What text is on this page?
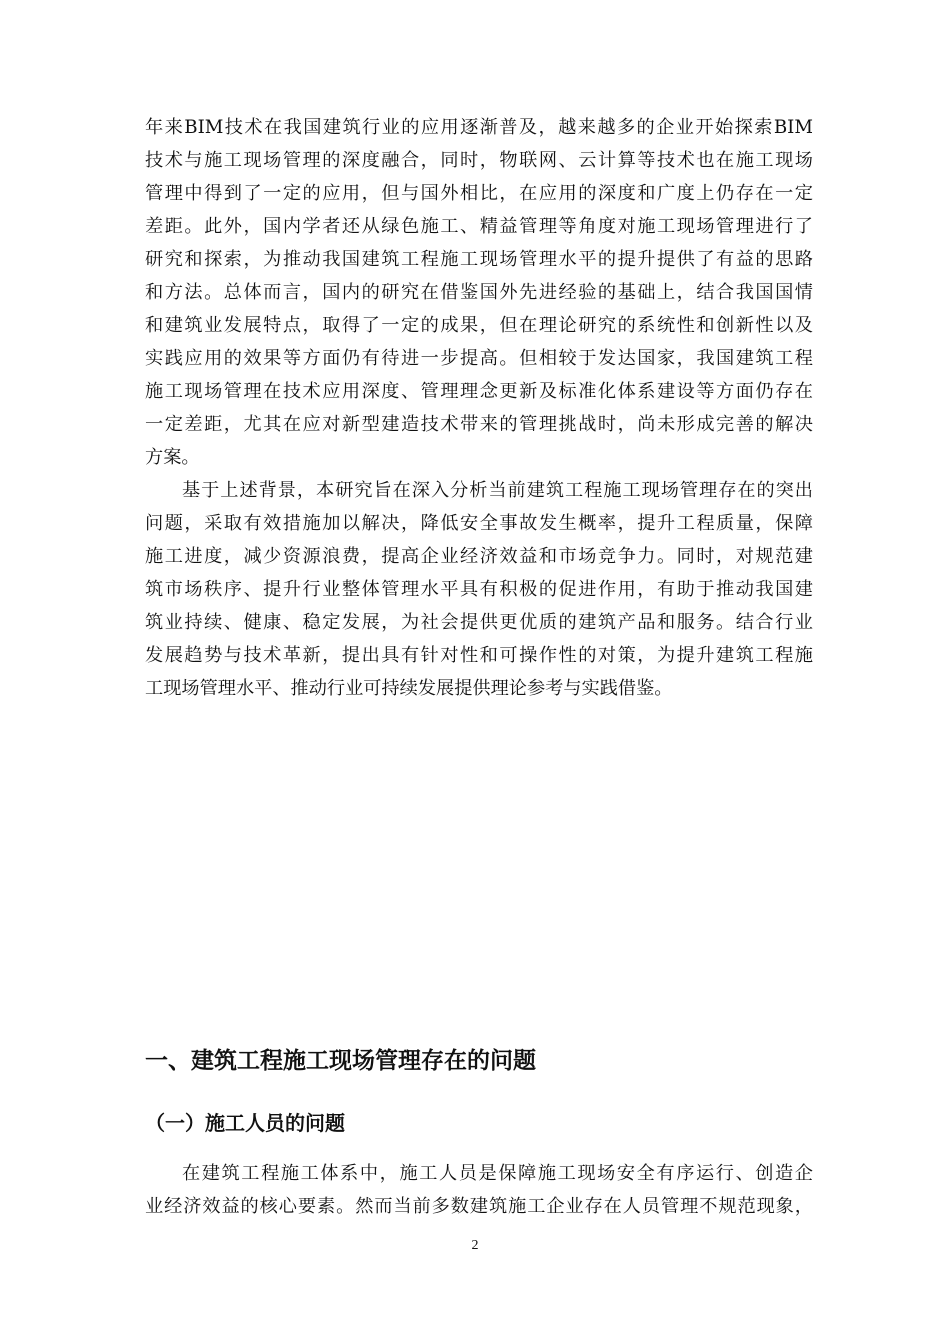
年来BIM技术在我国建筑行业的应用逐渐普及，越来越多的企业开始探索BIM
技术与施工现场管理的深度融合，同时，物联网、云计算等技术也在施工现场
管理中得到了一定的应用，但与国外相比，在应用的深度和广度上仍存在一定
差距。此外，国内学者还从绿色施工、精益管理等角度对施工现场管理进行了
研究和探索，为推动我国建筑工程施工现场管理水平的提升提供了有益的思路
和方法。总体而言，国内的研究在借鉴国外先进经验的基础上，结合我国国情
和建筑业发展特点，取得了一定的成果，但在理论研究的系统性和创新性以及
实践应用的效果等方面仍有待进一步提高。但相较于发达国家，我国建筑工程
施工现场管理在技术应用深度、管理理念更新及标准化体系建设等方面仍存在
一定差距，尤其在应对新型建造技术带来的管理挑战时，尚未形成完善的解决
方案。
基于上述背景，本研究旨在深入分析当前建筑工程施工现场管理存在的突出
问题，采取有效措施加以解决，降低安全事故发生概率，提升工程质量，保障
施工进度，减少资源浪费，提高企业经济效益和市场竞争力。同时，对规范建
筑市场秩序、提升行业整体管理水平具有积极的促进作用，有助于推动我国建
筑业持续、健康、稳定发展，为社会提供更优质的建筑产品和服务。结合行业
发展趋势与技术革新，提出具有针对性和可操作性的对策，为提升建筑工程施
工现场管理水平、推动行业可持续发展提供理论参考与实践借鉴。
一、建筑工程施工现场管理存在的问题
（一）施工人员的问题
在建筑工程施工体系中，施工人员是保障施工现场安全有序运行、创造企
业经济效益的核心要素。然而当前多数建筑施工企业存在人员管理不规范现象，
2
